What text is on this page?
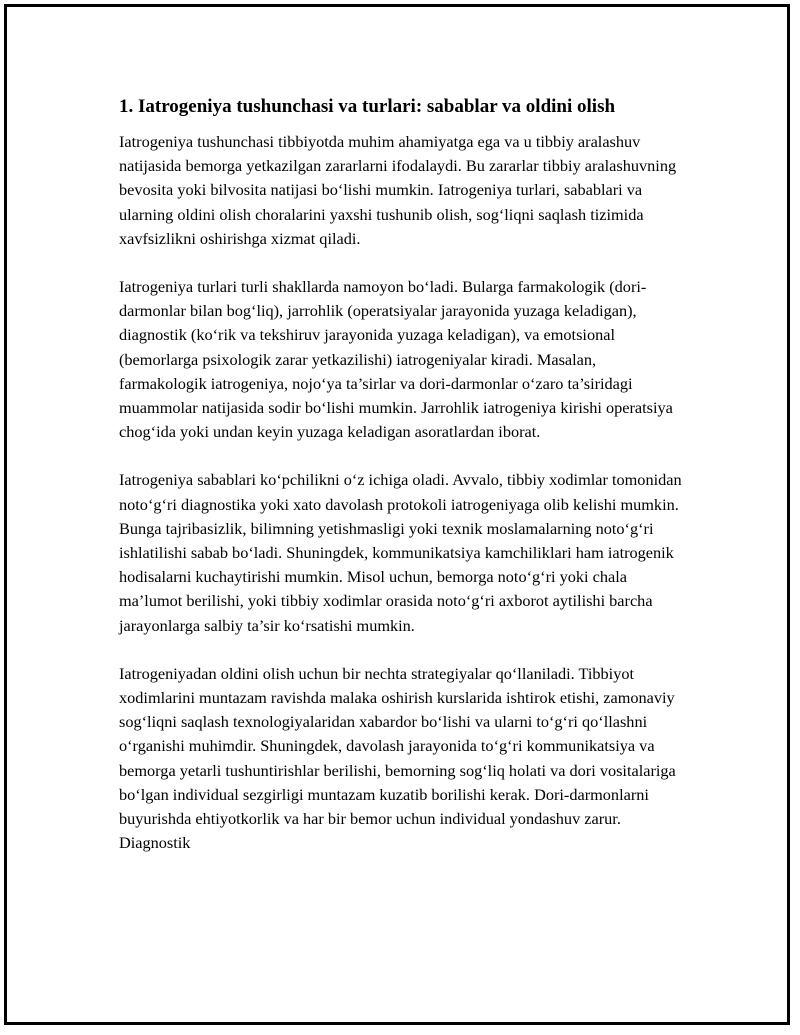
1. Iatrogeniya tushunchasi va turlari: sabablar va oldini olish

Iatrogeniya tushunchasi tibbiyotda muhim ahamiyatga ega va u tibbiy aralashuv natijasida bemorga yetkazilgan zararlarni ifodalaydi. Bu zararlar tibbiy aralashuvning bevosita yoki bilvosita natijasi bo‘lishi mumkin. Iatrogeniya turlari, sabablari va ularning oldini olish choralarini yaxshi tushunib olish, sog‘liqni saqlash tizimida xavfsizlikni oshirishga xizmat qiladi.

Iatrogeniya turlari turli shakllarda namoyon bo‘ladi. Bularga farmakologik (dori-darmonlar bilan bog‘liq), jarrohlik (operatsiyalar jarayonida yuzaga keladigan), diagnostik (ko‘rik va tekshiruv jarayonida yuzaga keladigan), va emotsional (bemorlarga psixologik zarar yetkazilishi) iatrogeniyalar kiradi. Masalan, farmakologik iatrogeniya, nojo‘ya ta’sirlar va dori-darmonlar o‘zaro ta’siridagi muammolar natijasida sodir bo‘lishi mumkin. Jarrohlik iatrogeniya kirishi operatsiya chog‘ida yoki undan keyin yuzaga keladigan asoratlardan iborat.

Iatrogeniya sabablari ko‘pchilikni o‘z ichiga oladi. Avvalo, tibbiy xodimlar tomonidan noto‘g‘ri diagnostika yoki xato davolash protokoli iatrogeniyaga olib kelishi mumkin. Bunga tajribasizlik, bilimning yetishmasligi yoki texnik moslamalarning noto‘g‘ri ishlatilishi sabab bo‘ladi. Shuningdek, kommunikatsiya kamchiliklari ham iatrogenik hodisalarni kuchaytirishi mumkin. Misol uchun, bemorga noto‘g‘ri yoki chala ma’lumot berilishi, yoki tibbiy xodimlar orasida noto‘g‘ri axborot aytilishi barcha jarayonlarga salbiy ta’sir ko‘rsatishi mumkin.

Iatrogeniyadan oldini olish uchun bir nechta strategiyalar qo‘llaniladi. Tibbiyot xodimlarini muntazam ravishda malaka oshirish kurslarida ishtirok etishi, zamonaviy sog‘liqni saqlash texnologiyalaridan xabardor bo‘lishi va ularni to‘g‘ri qo‘llashni o‘rganishi muhimdir. Shuningdek, davolash jarayonida to‘g‘ri kommunikatsiya va bemorga yetarli tushuntirishlar berilishi, bemorning sog‘liq holati va dori vositalariga bo‘lgan individual sezgirligi muntazam kuzatib borilishi kerak. Dori-darmonlarni buyurishda ehtiyotkorlik va har bir bemor uchun individual yondashuv zarur. Diagnostik
